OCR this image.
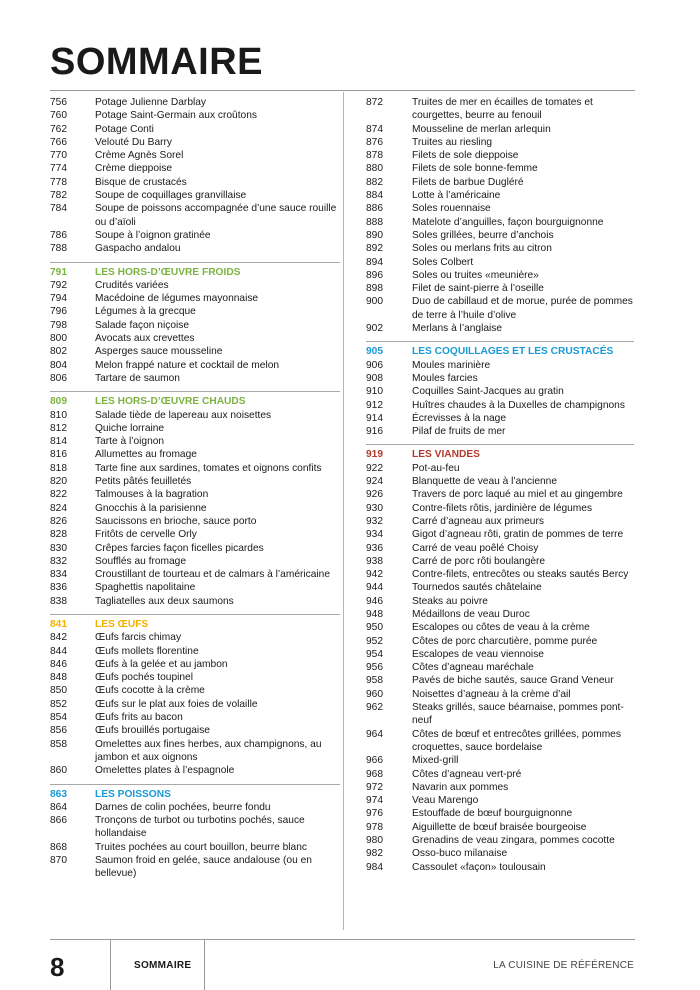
SOMMAIRE
756	Potage Julienne Darblay
760	Potage Saint-Germain aux croûtons
762	Potage Conti
766	Velouté Du Barry
770	Crème Agnès Sorel
774	Crème dieppoise
778	Bisque de crustacés
782	Soupe de coquillages granvillaise
784	Soupe de poissons accompagnée d’une sauce rouille ou d’aïoli
786	Soupe à l’oignon gratinée
788	Gaspacho andalou
791	LES HORS-D’ŒUVRE FROIDS
792	Crudités variées
794	Macédoine de légumes mayonnaise
796	Légumes à la grecque
798	Salade façon niçoise
800	Avocats aux crevettes
802	Asperges sauce mousseline
804	Melon frappé nature et cocktail de melon
806	Tartare de saumon
809	LES HORS-D’ŒUVRE CHAUDS
810	Salade tiède de lapereau aux noisettes
812	Quiche lorraine
814	Tarte à l’oignon
816	Allumettes au fromage
818	Tarte fine aux sardines, tomates et oignons confits
820	Petits pâtés feuilletés
822	Talmouses à la bagration
824	Gnocchis à la parisienne
826	Saucissons en brioche, sauce porto
828	Fritôts de cervelle Orly
830	Crêpes farcies façon ficelles picardes
832	Soufflés au fromage
834	Croustillant de tourteau et de calmars à l’américaine
836	Spaghettis napolitaine
838	Tagliatelles aux deux saumons
841	LES ŒUFS
842	Œufs farcis chimay
844	Œufs mollets florentine
846	Œufs à la gelée et au jambon
848	Œufs pochés toupinel
850	Œufs cocotte à la crème
852	Œufs sur le plat aux foies de volaille
854	Œufs frits au bacon
856	Œufs brouillés portugaise
858	Omelettes aux fines herbes, aux champignons, au jambon et aux oignons
860	Omelettes plates à l’espagnole
863	LES POISSONS
864	Darnes de colin pochées, beurre fondu
866	Tronçons de turbot ou turbotins pochés, sauce hollandaise
868	Truites pochées au court bouillon, beurre blanc
870	Saumon froid en gelée, sauce andalouse (ou en bellevue)
872	Truites de mer en écailles de tomates et courgettes, beurre au fenouil
874	Mousseline de merlan arlequin
876	Truites au riesling
878	Filets de sole dieppoise
880	Filets de sole bonne-femme
882	Filets de barbue Dugléré
884	Lotte à l’américaine
886	Soles rouennaise
888	Matelote d’anguilles, façon bourguignonne
890	Soles grillées, beurre d’anchois
892	Soles ou merlans frits au citron
894	Soles Colbert
896	Soles ou truites «meunière»
898	Filet de saint-pierre à l’oseille
900	Duo de cabillaud et de morue, purée de pommes de terre à l’huile d’olive
902	Merlans à l’anglaise
905	LES COQUILLAGES ET LES CRUSTACÉS
906	Moules marinière
908	Moules farcies
910	Coquilles Saint-Jacques au gratin
912	Huîtres chaudes à la Duxelles de champignons
914	Écrevisses à la nage
916	Pilaf de fruits de mer
919	LES VIANDES
922	Pot-au-feu
924	Blanquette de veau à l’ancienne
926	Travers de porc laqué au miel et au gingembre
930	Contre-filets rôtis, jardinière de légumes
932	Carré d’agneau aux primeurs
934	Gigot d’agneau rôti, gratin de pommes de terre
936	Carré de veau poêlé Choisy
938	Carré de porc rôti boulangère
942	Contre-filets, entrecôtes ou steaks sautés Bercy
944	Tournedos sautés châtelaine
946	Steaks au poivre
948	Médaillons de veau Duroc
950	Escalopes ou côtes de veau à la crème
952	Côtes de porc charcutière, pomme purée
954	Escalopes de veau viennoise
956	Côtes d’agneau maréchale
958	Pavés de biche sautés, sauce Grand Veneur
960	Noisettes d’agneau à la crème d’ail
962	Steaks grillés, sauce béarnaise, pommes pont-neuf
964	Côtes de bœuf et entrecôtes grillées, pommes croquettes, sauce bordelaise
966	Mixed-grill
968	Côtes d’agneau vert-pré
972	Navarin aux pommes
974	Veau Marengo
976	Estouffade de bœuf bourguignonne
978	Aiguillette de bœuf braisée bourgeoise
980	Grenadins de veau zingara, pommes cocotte
982	Osso-buco milanaise
984	Cassoulet «façon» toulousain
8	SOMMAIRE	LA CUISINE DE RÉFÉRENCE
